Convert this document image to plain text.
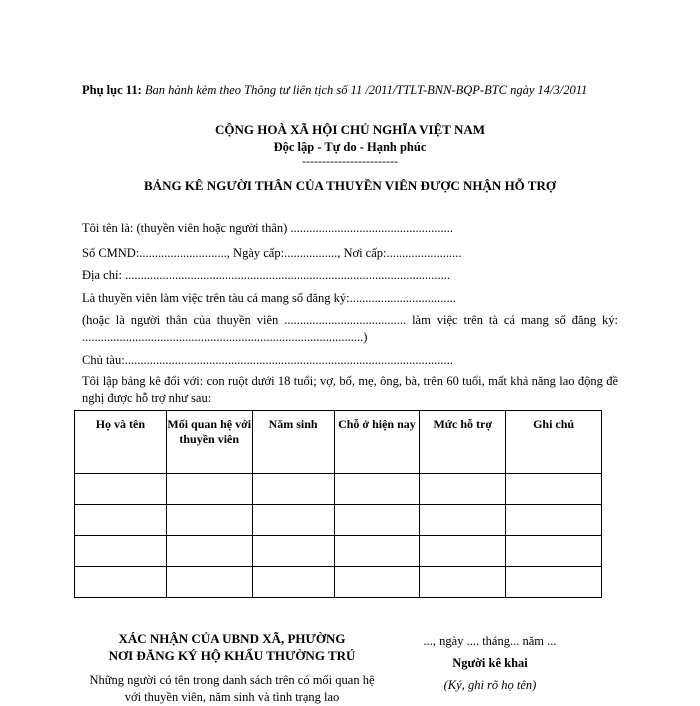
Phụ lục 11: Ban hành kèm theo Thông tư liên tịch số 11 /2011/TTLT-BNN-BQP-BTC ngày 14/3/2011
CỘNG HOÀ XÃ HỘI CHỦ NGHĨA VIỆT NAM
Độc lập - Tự do - Hạnh phúc
------------------------
BẢNG KÊ NGƯỜI THÂN CỦA THUYỀN VIÊN ĐƯỢC NHẬN HỖ TRỢ
Tôi tên là: (thuyền viên hoặc người thân) ....................................................
Số CMND:............................, Ngày cấp:................., Nơi cấp:........................
Địa chỉ: ........................................................................................................
Là thuyền viên làm việc trên tàu cá mang số đăng ký:..................................
(hoặc là người thân của thuyền viên ....................................... làm việc trên tà cá mang số đăng ký: ..........................................................................................)
Chủ tàu:.........................................................................................................
Tôi lập bảng kê đối với: con ruột dưới 18 tuổi; vợ, bố, mẹ, ông, bà, trên 60 tuổi, mất khả năng lao động đề nghị được hỗ trợ như sau:
Họ và tên	Mối quan hệ với thuyền viên	Năm sinh	Chỗ ở hiện nay	Mức hỗ trợ	Ghi chú

XÁC NHẬN CỦA UBND XÃ, PHƯỜNG
NƠI ĐĂNG KÝ HỘ KHẨU THƯỜNG TRÚ
Những người có tên trong danh sách trên có mối quan hệ với thuyền viên, năm sinh và tình trạng lao
..., ngày .... tháng... năm ...
Người kê khai
(Ký, ghi rõ họ tên)
